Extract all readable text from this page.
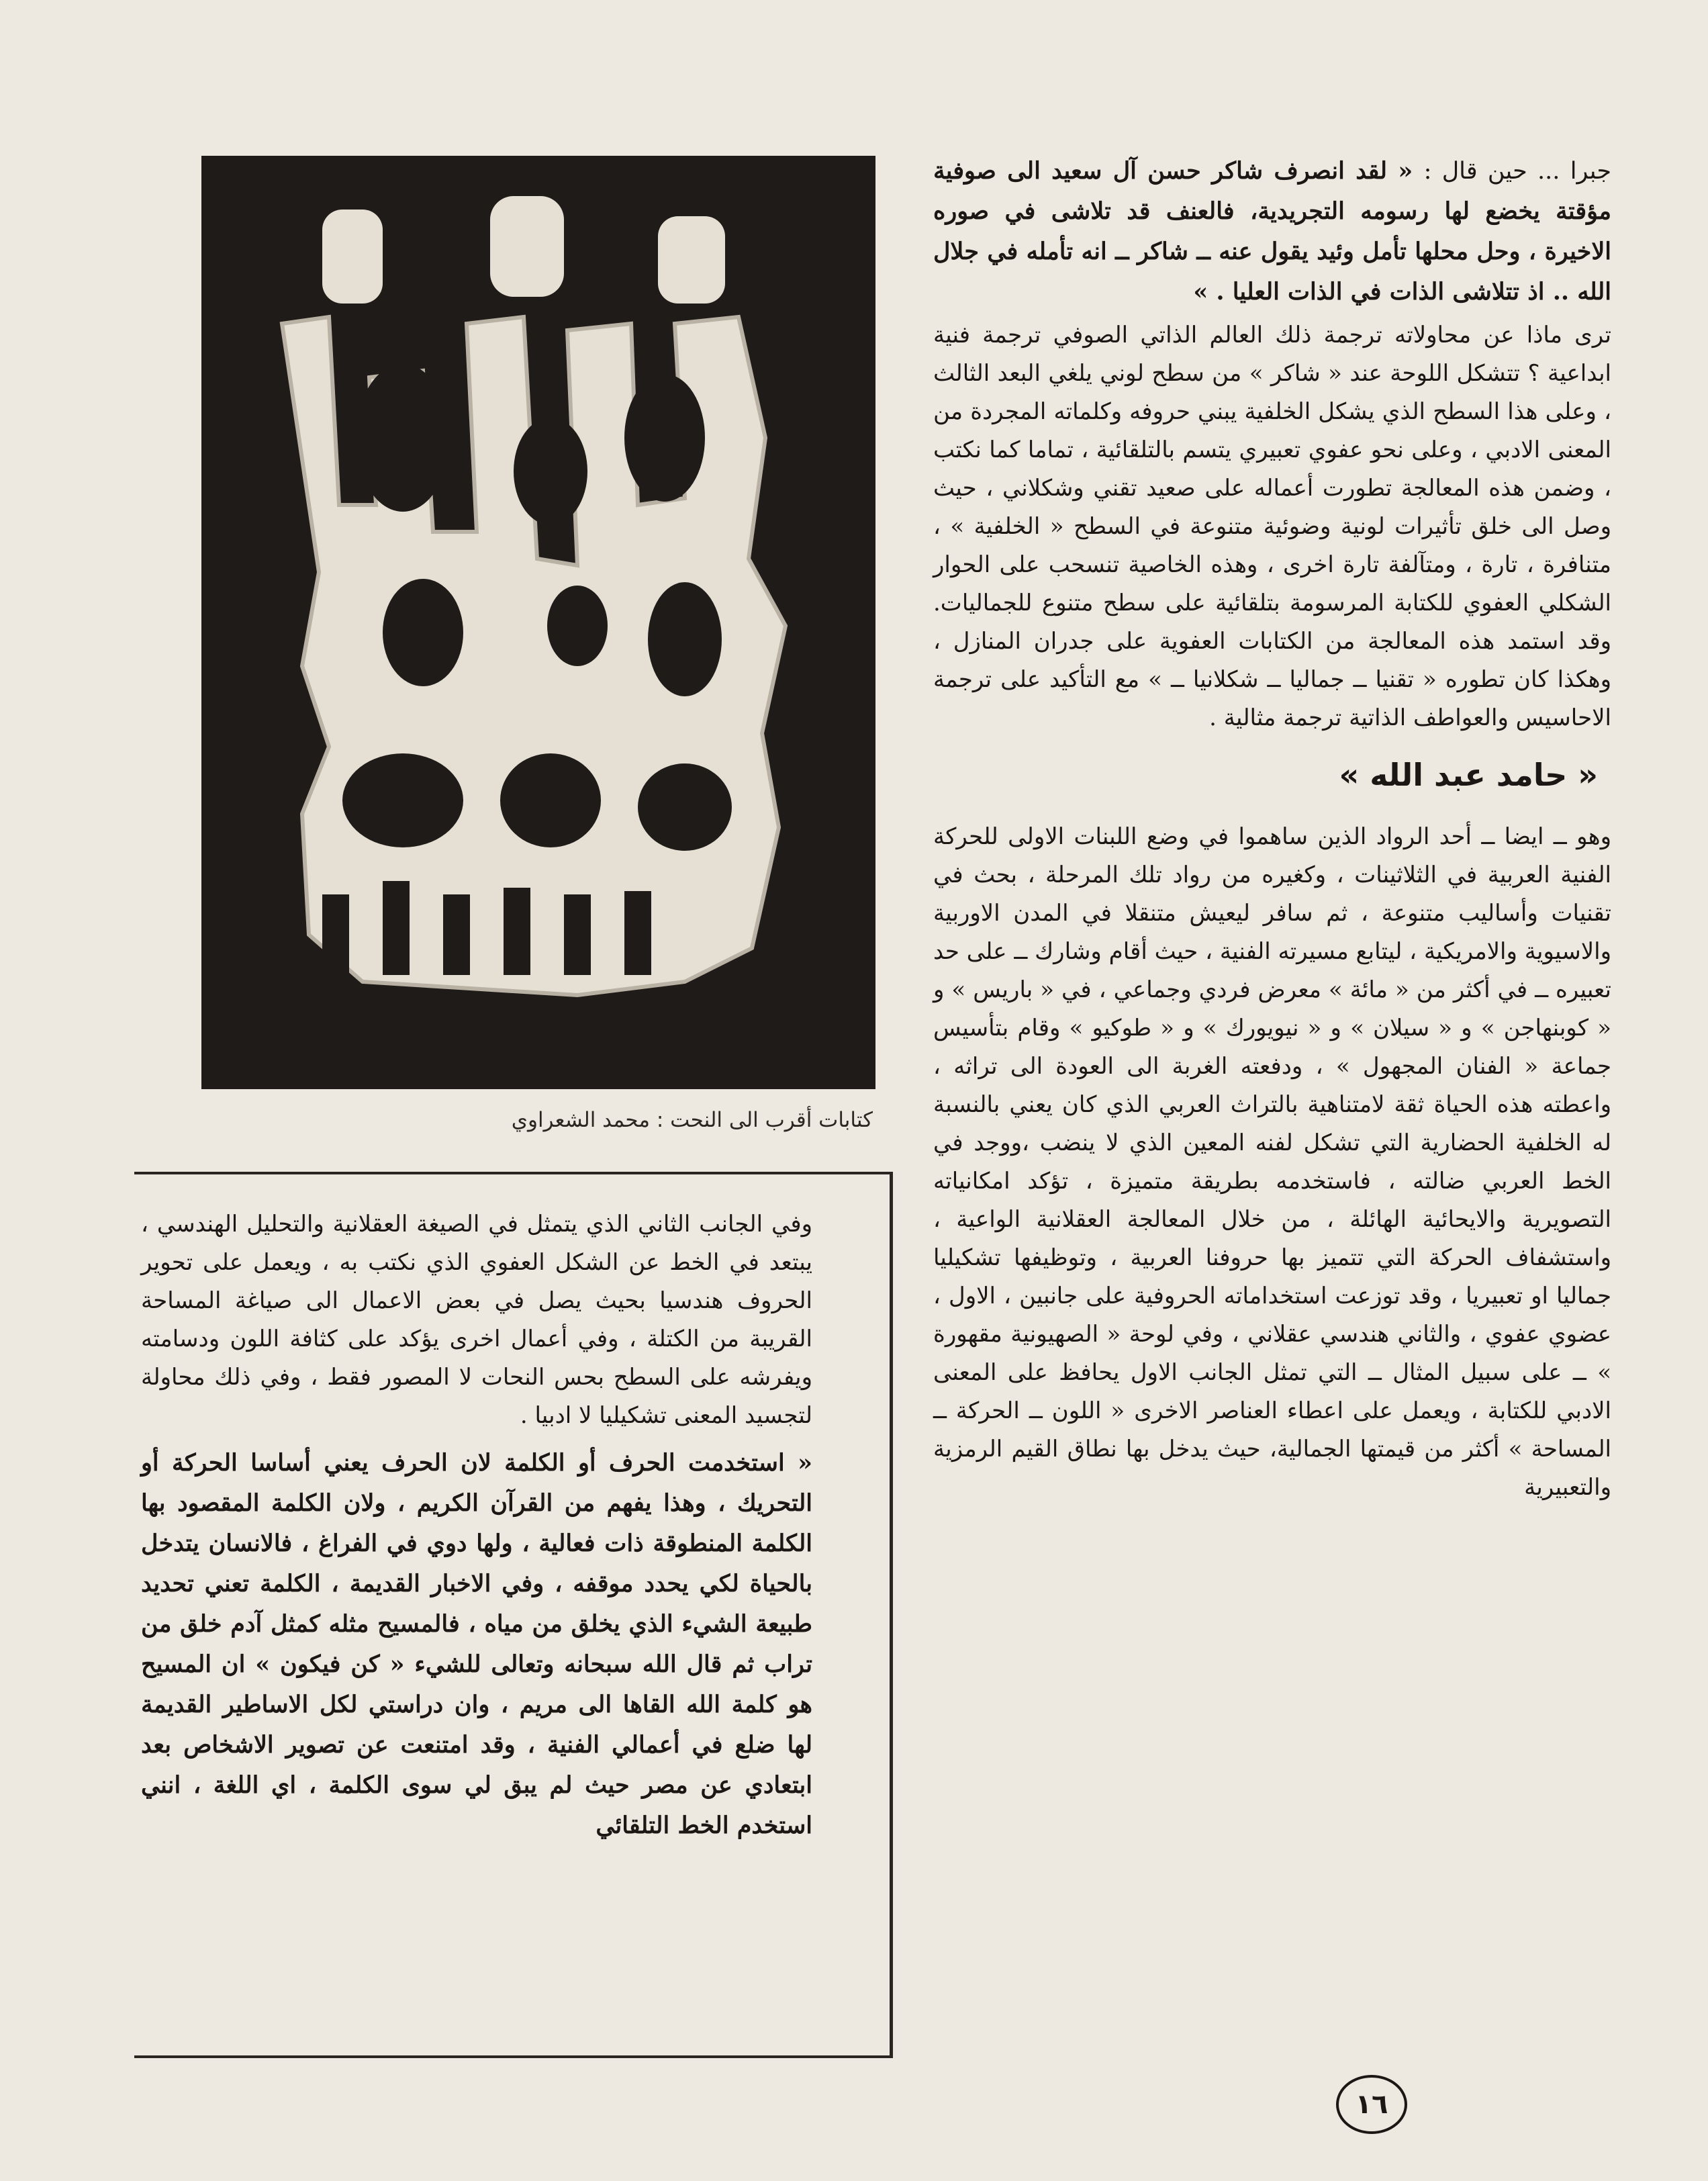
جبرا ... حين قال : « لقد انصرف شاكر حسن آل سعيد الى صوفية مؤقتة يخضع لها رسومه التجريدية، فالعنف قد تلاشى في صوره الاخيرة ، وحل محلها تأمل وئيد يقول عنه ــ شاكر ــ انه تأمله في جلال الله .. اذ تتلاشى الذات في الذات العليا . »

ترى ماذا عن محاولاته ترجمة ذلك العالم الذاتي الصوفي ترجمة فنية ابداعية ؟ تتشكل اللوحة عند « شاكر » من سطح لوني يلغي البعد الثالث ، وعلى هذا السطح الذي يشكل الخلفية يبني حروفه وكلماته المجردة من المعنى الادبي ، وعلى نحو عفوي تعبيري يتسم بالتلقائية ، تماما كما نكتب ، وضمن هذه المعالجة تطورت أعماله على صعيد تقني وشكلاني ، حيث وصل الى خلق تأثيرات لونية وضوئية متنوعة في السطح « الخلفية » ، متنافرة ، تارة ، ومتآلفة تارة اخرى ، وهذه الخاصية تنسحب على الحوار الشكلي العفوي للكتابة المرسومة بتلقائية على سطح متنوع للجماليات. وقد استمد هذه المعالجة من الكتابات العفوية على جدران المنازل ، وهكذا كان تطوره « تقنيا ــ جماليا ــ شكلانيا ــ » مع التأكيد على ترجمة الاحاسيس والعواطف الذاتية ترجمة مثالية .

« حامد عبد الله »

وهو ــ ايضا ــ أحد الرواد الذين ساهموا في وضع اللبنات الاولى للحركة الفنية العربية في الثلاثينات ، وكغيره من رواد تلك المرحلة ، بحث في تقنيات وأساليب متنوعة ، ثم سافر ليعيش متنقلا في المدن الاوربية والاسيوية والامريكية ، ليتابع مسيرته الفنية ، حيث أقام وشارك ــ على حد تعبيره ــ في أكثر من « مائة » معرض فردي وجماعي ، في « باريس » و « كوبنهاجن » و « سيلان » و « نيويورك » و « طوكيو » وقام بتأسيس جماعة « الفنان المجهول » ، ودفعته الغربة الى العودة الى تراثه ، واعطته هذه الحياة ثقة لامتناهية بالتراث العربي الذي كان يعني بالنسبة له الخلفية الحضارية التي تشكل لفنه المعين الذي لا ينضب ،ووجد في الخط العربي ضالته ، فاستخدمه بطريقة متميزة ، تؤكد امكانياته التصويرية والايحائية الهائلة ، من خلال المعالجة العقلانية الواعية ، واستشفاف الحركة التي تتميز بها حروفنا العربية ، وتوظيفها تشكيليا جماليا او تعبيريا ، وقد توزعت استخداماته الحروفية على جانبين ، الاول ، عضوي عفوي ، والثاني هندسي عقلاني ، وفي لوحة « الصهيونية مقهورة » ــ على سبيل المثال ــ التي تمثل الجانب الاول يحافظ على المعنى الادبي للكتابة ، ويعمل على اعطاء العناصر الاخرى « اللون ــ الحركة ــ المساحة » أكثر من قيمتها الجمالية، حيث يدخل بها نطاق القيم الرمزية والتعبيرية

كتابات أقرب الى النحت : محمد الشعراوي

وفي الجانب الثاني الذي يتمثل في الصيغة العقلانية والتحليل الهندسي ، يبتعد في الخط عن الشكل العفوي الذي نكتب به ، ويعمل على تحوير الحروف هندسيا بحيث يصل في بعض الاعمال الى صياغة المساحة القريبة من الكتلة ، وفي أعمال اخرى يؤكد على كثافة اللون ودسامته ويفرشه على السطح بحس النحات لا المصور فقط ، وفي ذلك محاولة لتجسيد المعنى تشكيليا لا ادبيا .

« استخدمت الحرف أو الكلمة لان الحرف يعني أساسا الحركة أو التحريك ، وهذا يفهم من القرآن الكريم ، ولان الكلمة المقصود بها الكلمة المنطوقة ذات فعالية ، ولها دوي في الفراغ ، فالانسان يتدخل بالحياة لكي يحدد موقفه ، وفي الاخبار القديمة ، الكلمة تعني تحديد طبيعة الشيء الذي يخلق من مياه ، فالمسيح مثله كمثل آدم خلق من تراب ثم قال الله سبحانه وتعالى للشيء « كن فيكون » ان المسيح هو كلمة الله القاها الى مريم ، وان دراستي لكل الاساطير القديمة لها ضلع في أعمالي الفنية ، وقد امتنعت عن تصوير الاشخاص بعد ابتعادي عن مصر حيث لم يبق لي سوى الكلمة ، اي اللغة ، انني استخدم الخط التلقائي

١٦
